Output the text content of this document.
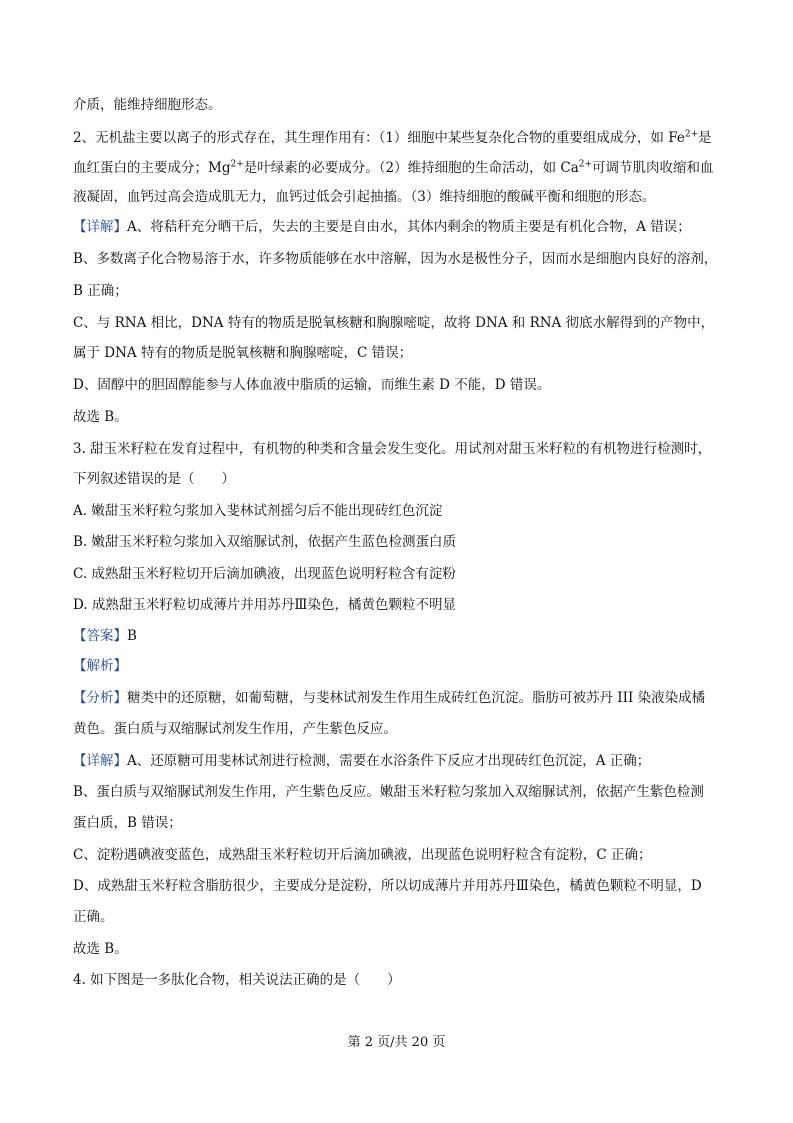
介质，能维持细胞形态。
2、无机盐主要以离子的形式存在，其生理作用有：（1）细胞中某些复杂化合物的重要组成成分，如 $Fe^{2+}$是
血红蛋白的主要成分；$Mg^{2+}$是叶绿素的必要成分。（2）维持细胞的生命活动，如 $Ca^{2+}$可调节肌肉收缩和血
液凝固，血钙过高会造成肌无力，血钙过低会引起抽搐。（3）维持细胞的酸碱平衡和细胞的形态。
【详解】A、将秸秆充分晒干后，失去的主要是自由水，其体内剩余的物质主要是有机化合物，A 错误；
B、多数离子化合物易溶于水，许多物质能够在水中溶解，因为水是极性分子，因而水是细胞内良好的溶剂，
B 正确；
C、与 RNA 相比，DNA 特有的物质是脱氧核糖和胸腺嘧啶，故将 DNA 和 RNA 彻底水解得到的产物中，
属于 DNA 特有的物质是脱氧核糖和胸腺嘧啶，C 错误；
D、固醇中的胆固醇能参与人体血液中脂质的运输，而维生素 D 不能，D 错误。
故选 B。
3. 甜玉米籽粒在发育过程中，有机物的种类和含量会发生变化。用试剂对甜玉米籽粒的有机物进行检测时，
下列叙述错误的是（　　）
A. 嫩甜玉米籽粒匀浆加入斐林试剂摇匀后不能出现砖红色沉淀
B. 嫩甜玉米籽粒匀浆加入双缩脲试剂，依据产生蓝色检测蛋白质
C. 成熟甜玉米籽粒切开后滴加碘液，出现蓝色说明籽粒含有淀粉
D. 成熟甜玉米籽粒切成薄片并用苏丹Ⅲ染色，橘黄色颗粒不明显
【答案】B
【解析】
【分析】糖类中的还原糖，如葡萄糖，与斐林试剂发生作用生成砖红色沉淀。脂肪可被苏丹 III 染液染成橘
黄色。蛋白质与双缩脲试剂发生作用，产生紫色反应。
【详解】A、还原糖可用斐林试剂进行检测，需要在水浴条件下反应才出现砖红色沉淀，A 正确；
B、蛋白质与双缩脲试剂发生作用，产生紫色反应。嫩甜玉米籽粒匀浆加入双缩脲试剂，依据产生紫色检测
蛋白质，B 错误；
C、淀粉遇碘液变蓝色，成熟甜玉米籽粒切开后滴加碘液，出现蓝色说明籽粒含有淀粉，C 正确；
D、成熟甜玉米籽粒含脂肪很少，主要成分是淀粉，所以切成薄片并用苏丹Ⅲ染色，橘黄色颗粒不明显，D
正确。
故选 B。
4. 如下图是一多肽化合物，相关说法正确的是（　　）
第 2 页/共 20 页
